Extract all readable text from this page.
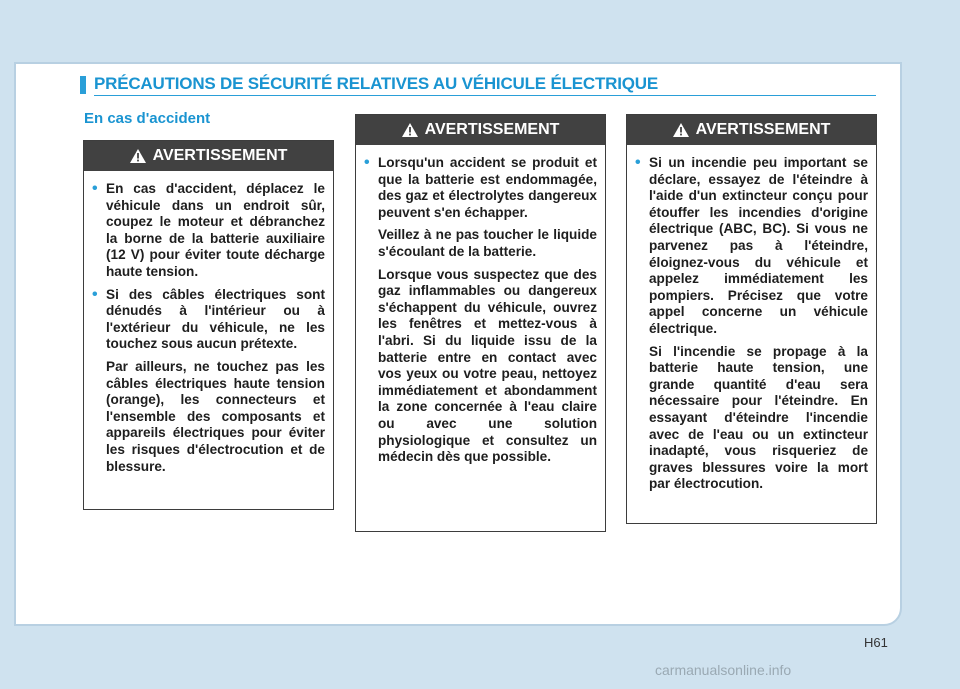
PRÉCAUTIONS DE SÉCURITÉ RELATIVES AU VÉHICULE ÉLECTRIQUE
En cas d'accident
AVERTISSEMENT
• En cas d'accident, déplacez le véhicule dans un endroit sûr, coupez le moteur et débranchez la borne de la batterie auxiliaire (12 V) pour éviter toute décharge haute tension.
• Si des câbles électriques sont dénudés à l'intérieur ou à l'extérieur du véhicule, ne les touchez sous aucun prétexte.
Par ailleurs, ne touchez pas les câbles électriques haute tension (orange), les connecteurs et l'ensemble des composants et appareils électriques pour éviter les risques d'électrocution et de blessure.
AVERTISSEMENT
• Lorsqu'un accident se produit et que la batterie est endommagée, des gaz et électrolytes dangereux peuvent s'en échapper.
Veillez à ne pas toucher le liquide s'écoulant de la batterie.
Lorsque vous suspectez que des gaz inflammables ou dangereux s'échappent du véhicule, ouvrez les fenêtres et mettez-vous à l'abri. Si du liquide issu de la batterie entre en contact avec vos yeux ou votre peau, nettoyez immédiatement et abondamment la zone concernée à l'eau claire ou avec une solution physiologique et consultez un médecin dès que possible.
AVERTISSEMENT
• Si un incendie peu important se déclare, essayez de l'éteindre à l'aide d'un extincteur conçu pour étouffer les incendies d'origine électrique (ABC, BC). Si vous ne parvenez pas à l'éteindre, éloignez-vous du véhicule et appelez immédiatement les pompiers. Précisez que votre appel concerne un véhicule électrique.
Si l'incendie se propage à la batterie haute tension, une grande quantité d'eau sera nécessaire pour l'éteindre. En essayant d'éteindre l'incendie avec de l'eau ou un extincteur inadapté, vous risqueriez de graves blessures voire la mort par électrocution.
H61
carmanualsonline.info
